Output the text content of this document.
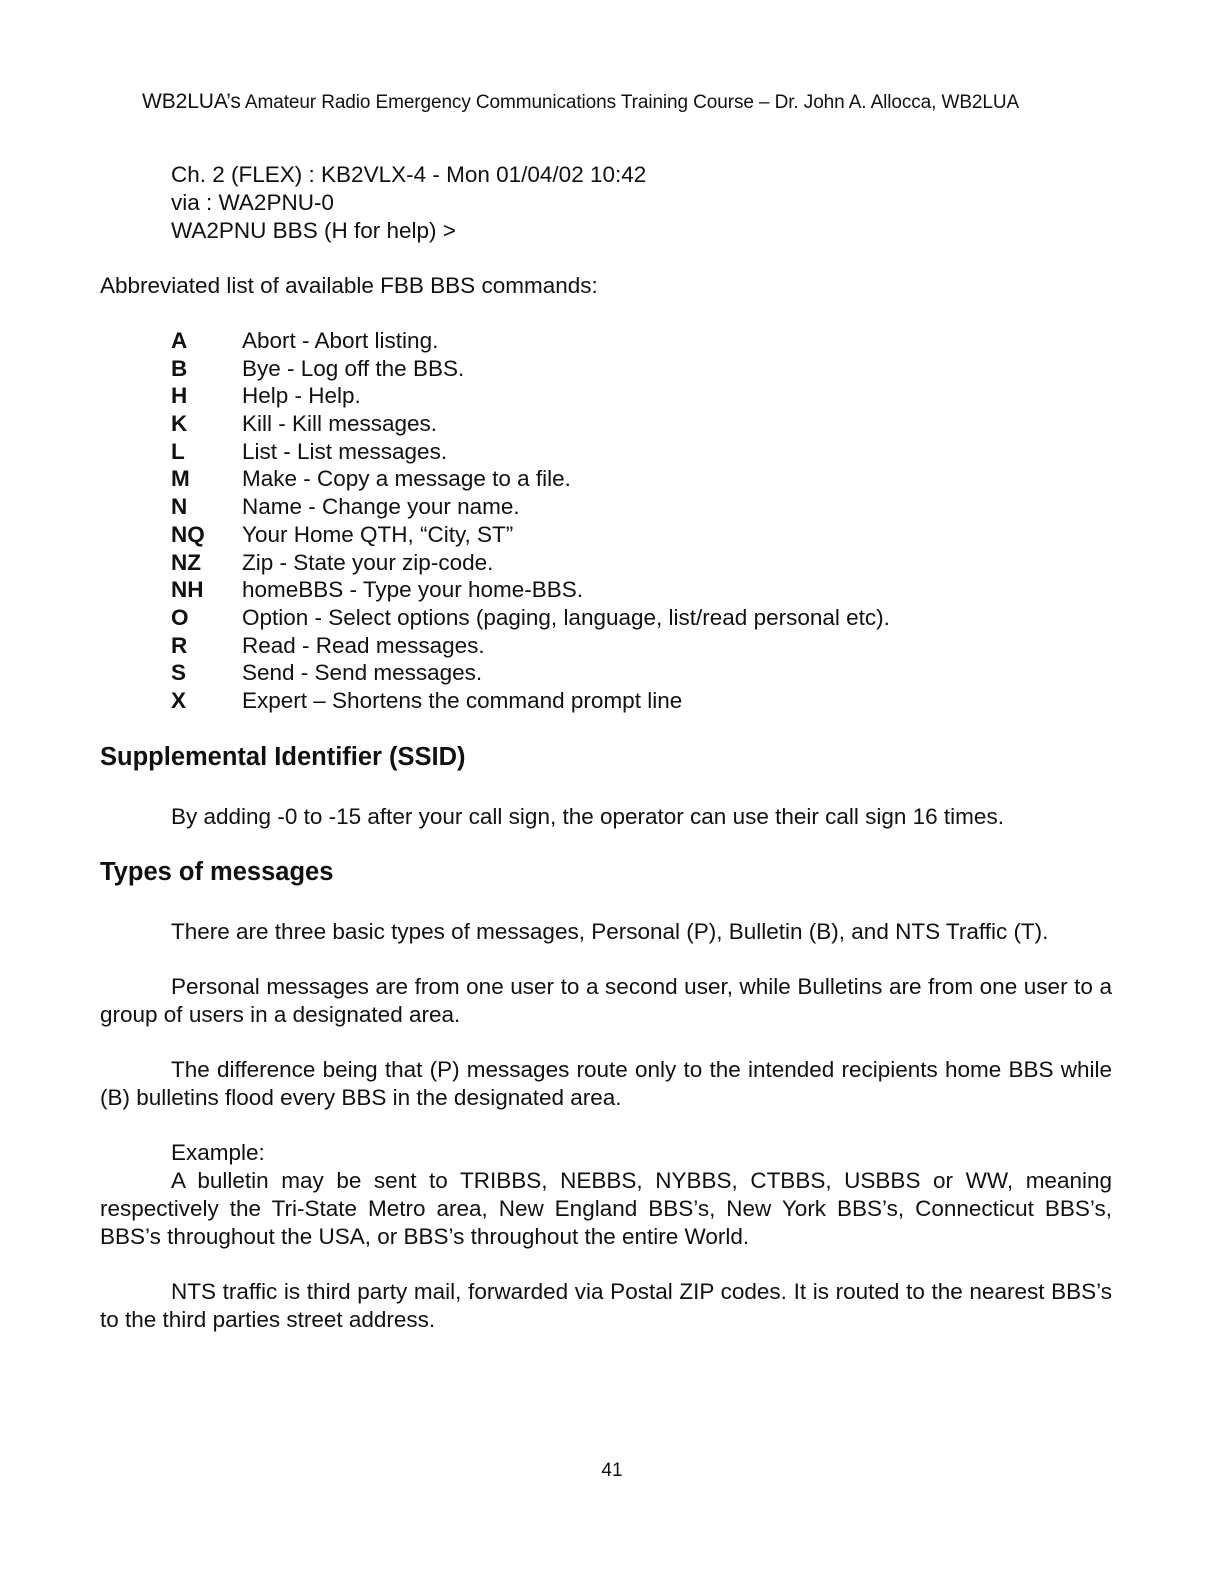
WB2LUA’s Amateur Radio Emergency Communications Training Course – Dr. John A. Allocca, WB2LUA
Ch. 2 (FLEX) : KB2VLX-4 - Mon 01/04/02 10:42
via : WA2PNU-0
WA2PNU BBS (H for help) >
Abbreviated list of available FBB BBS commands:
A	Abort - Abort listing.
B	Bye - Log off the BBS.
H	Help - Help.
K	Kill - Kill messages.
L	List - List messages.
M	Make - Copy a message to a file.
N	Name - Change your name.
NQ	Your Home QTH, “City, ST”
NZ	Zip - State your zip-code.
NH	homeBBS - Type your home-BBS.
O	Option - Select options (paging, language, list/read personal etc).
R	Read - Read messages.
S	Send - Send messages.
X	Expert – Shortens the command prompt line
Supplemental Identifier (SSID)
By adding -0 to -15 after your call sign, the operator can use their call sign 16 times.
Types of messages
There are three basic types of messages, Personal (P), Bulletin (B), and NTS Traffic (T).
Personal messages are from one user to a second user, while Bulletins are from one user to a group of users in a designated area.
The difference being that (P) messages route only to the intended recipients home BBS while (B) bulletins flood every BBS in the designated area.
Example:
A bulletin may be sent to TRIBBS, NEBBS, NYBBS, CTBBS, USBBS or WW, meaning respectively the Tri-State Metro area, New England BBS’s, New York BBS’s, Connecticut BBS’s, BBS’s throughout the USA, or BBS’s throughout the entire World.
NTS traffic is third party mail, forwarded via Postal ZIP codes. It is routed to the nearest BBS’s to the third parties street address.
41
